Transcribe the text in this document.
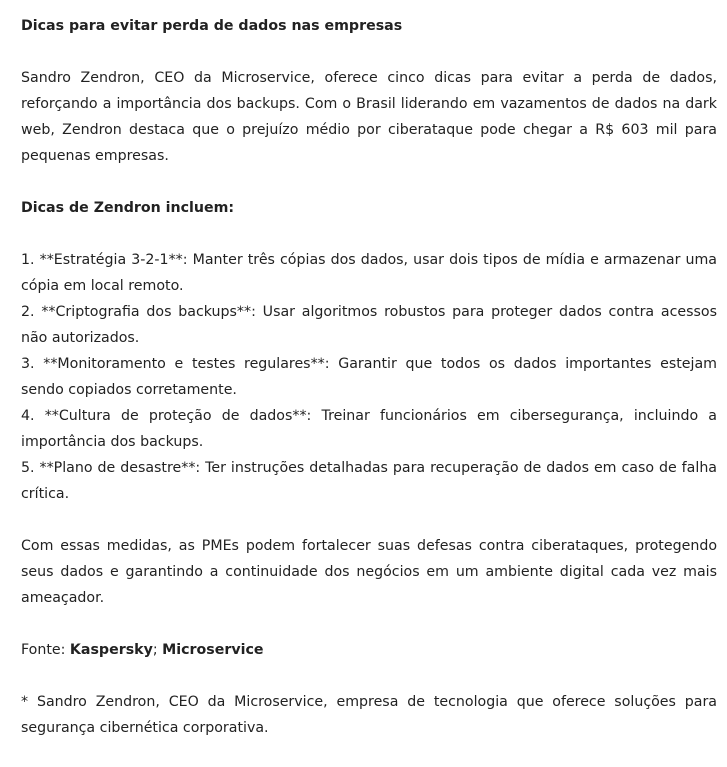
Dicas para evitar perda de dados nas empresas

Sandro Zendron, CEO da Microservice, oferece cinco dicas para evitar a perda de dados, reforçando a importância dos backups. Com o Brasil liderando em vazamentos de dados na dark web, Zendron destaca que o prejuízo médio por ciberataque pode chegar a R$ 603 mil para pequenas empresas.

Dicas de Zendron incluem:

1. **Estratégia 3-2-1**: Manter três cópias dos dados, usar dois tipos de mídia e armazenar uma cópia em local remoto.
2. **Criptografia dos backups**: Usar algoritmos robustos para proteger dados contra acessos não autorizados.
3. **Monitoramento e testes regulares**: Garantir que todos os dados importantes estejam sendo copiados corretamente.
4. **Cultura de proteção de dados**: Treinar funcionários em cibersegurança, incluindo a importância dos backups.
5. **Plano de desastre**: Ter instruções detalhadas para recuperação de dados em caso de falha crítica.

Com essas medidas, as PMEs podem fortalecer suas defesas contra ciberataques, protegendo seus dados e garantindo a continuidade dos negócios em um ambiente digital cada vez mais ameaçador.

Fonte: Kaspersky; Microservice

* Sandro Zendron, CEO da Microservice, empresa de tecnologia que oferece soluções para segurança cibernética corporativa.
